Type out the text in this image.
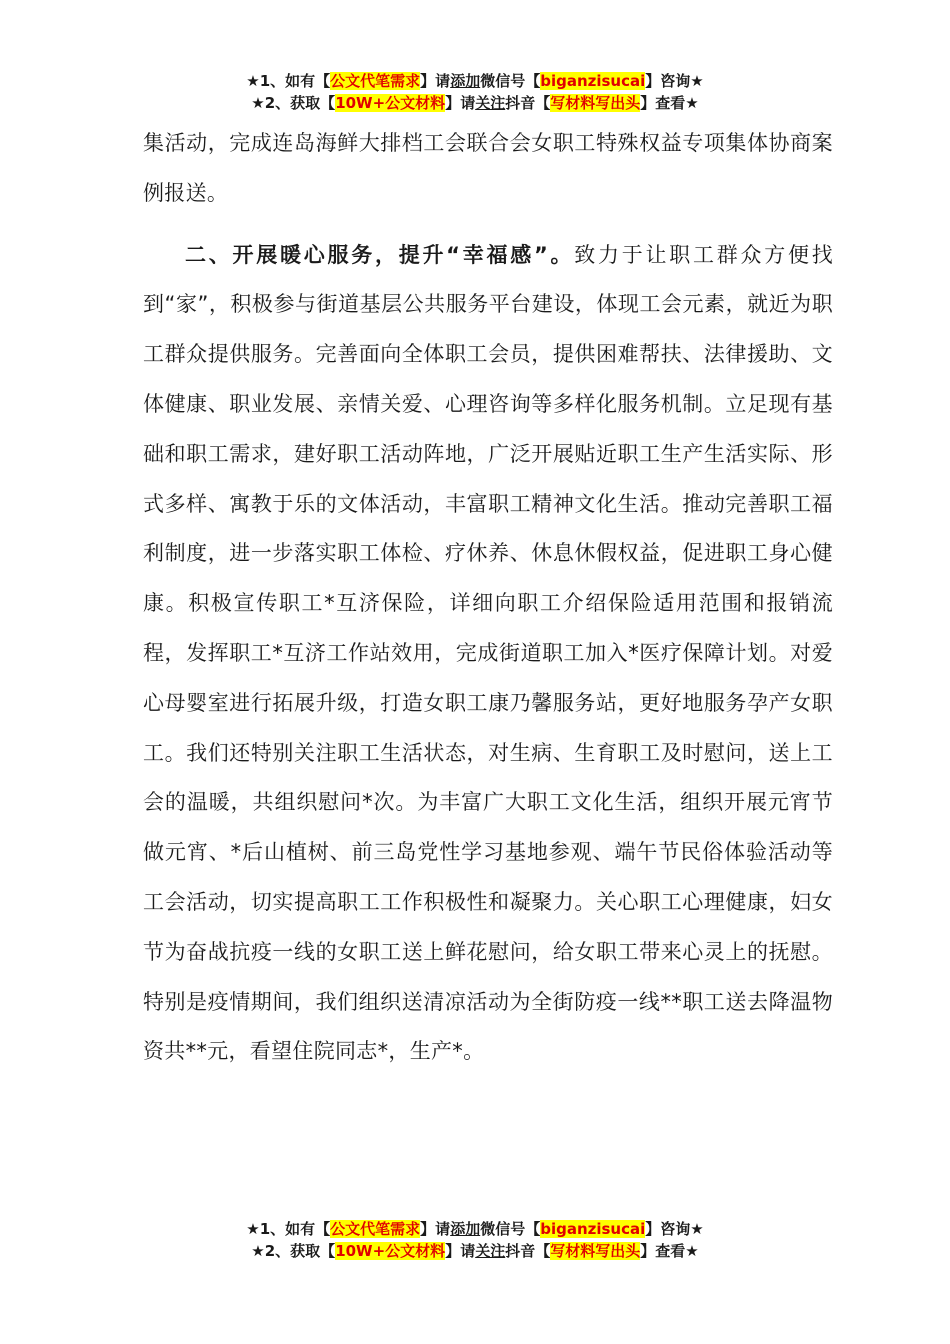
★1、如有【公文代笔需求】请添加微信号【biganzisucai】咨询★
★2、获取【10W+公文材料】请关注抖音【写材料写出头】查看★

集活动，完成连岛海鲜大排档工会联合会女职工特殊权益专项集体协商案例报送。

二、开展暖心服务，提升“幸福感”。致力于让职工群众方便找到“家”，积极参与街道基层公共服务平台建设，体现工会元素，就近为职工群众提供服务。完善面向全体职工会员，提供困难帮扶、法律援助、文体健康、职业发展、亲情关爱、心理咨询等多样化服务机制。立足现有基础和职工需求，建好职工活动阵地，广泛开展贴近职工生产生活实际、形式多样、寓教于乐的文体活动，丰富职工精神文化生活。推动完善职工福利制度，进一步落实职工体检、疗休养、休息休假权益，促进职工身心健康。积极宣传职工*互济保险，详细向职工介绍保险适用范围和报销流程，发挥职工*互济工作站效用，完成街道职工加入*医疗保障计划。对爱心母婴室进行拓展升级，打造女职工康乃馨服务站，更好地服务孕产女职工。我们还特别关注职工生活状态，对生病、生育职工及时慰问，送上工会的温暖，共组织慰问*次。为丰富广大职工文化生活，组织开展元宵节做元宵、*后山植树、前三岛党性学习基地参观、端午节民俗体验活动等工会活动，切实提高职工工作积极性和凝聚力。关心职工心理健康，妇女节为奋战抗疫一线的女职工送上鲜花慰问，给女职工带来心灵上的抚慰。特别是疫情期间，我们组织送清凉活动为全街防疫一线**职工送去降温物资共**元，看望住院同志*，生产*。

★1、如有【公文代笔需求】请添加微信号【biganzisucai】咨询★
★2、获取【10W+公文材料】请关注抖音【写材料写出头】查看★
